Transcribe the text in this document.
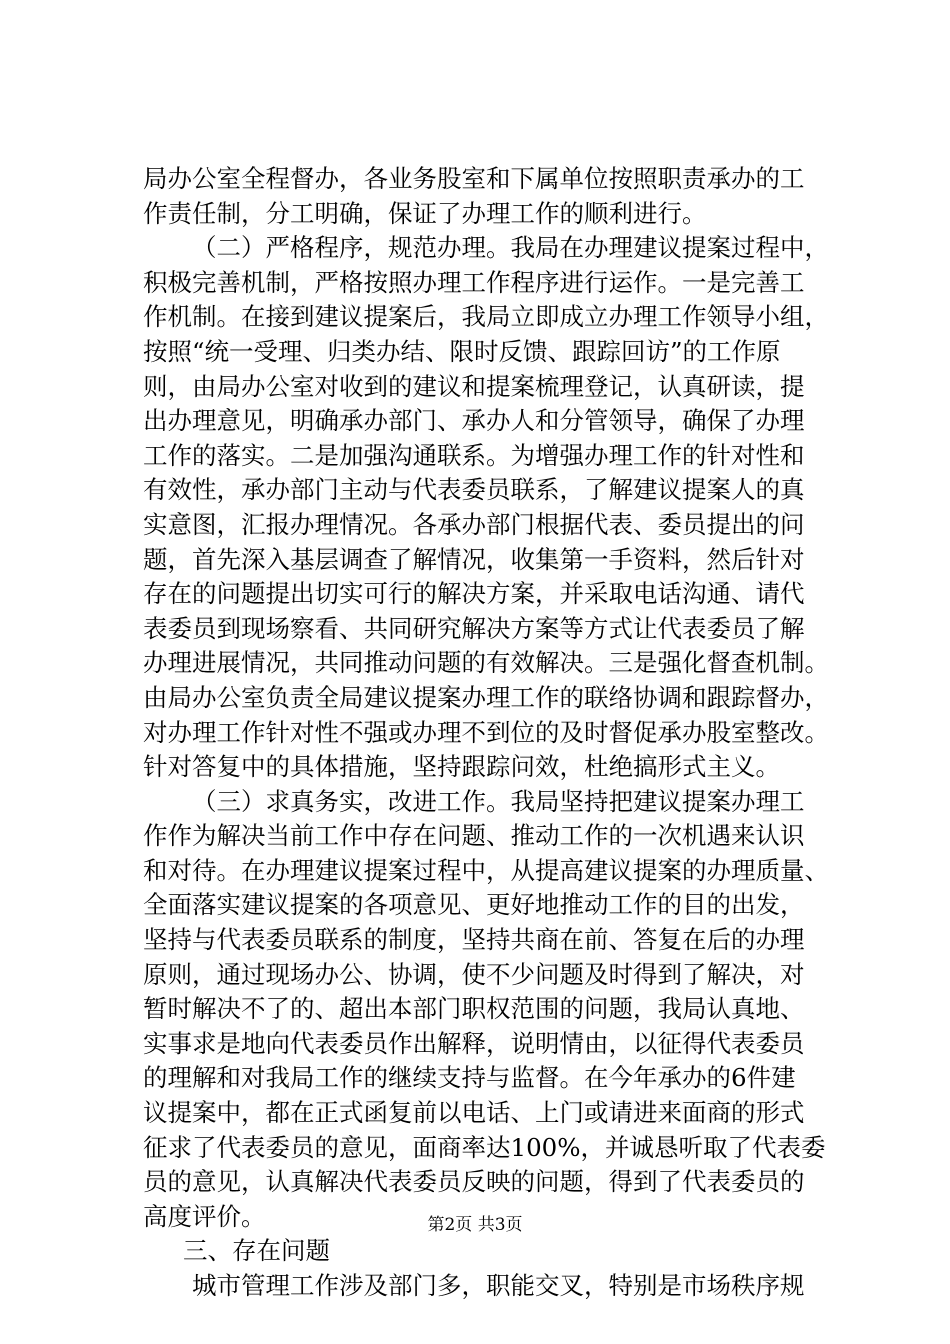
局办公室全程督办，各业务股室和下属单位按照职责承办的工
作责任制，分工明确，保证了办理工作的顺利进行。
（二）严格程序，规范办理。我局在办理建议提案过程中，
积极完善机制，严格按照办理工作程序进行运作。一是完善工
作机制。在接到建议提案后，我局立即成立办理工作领导小组，
按照“统一受理、归类办结、限时反馈、跟踪回访”的工作原
则，由局办公室对收到的建议和提案梳理登记，认真研读，提
出办理意见，明确承办部门、承办人和分管领导，确保了办理
工作的落实。二是加强沟通联系。为增强办理工作的针对性和
有效性，承办部门主动与代表委员联系，了解建议提案人的真
实意图，汇报办理情况。各承办部门根据代表、委员提出的问
题，首先深入基层调查了解情况，收集第一手资料，然后针对
存在的问题提出切实可行的解决方案，并采取电话沟通、请代
表委员到现场察看、共同研究解决方案等方式让代表委员了解
办理进展情况，共同推动问题的有效解决。三是强化督查机制。
由局办公室负责全局建议提案办理工作的联络协调和跟踪督办，
对办理工作针对性不强或办理不到位的及时督促承办股室整改。
针对答复中的具体措施，坚持跟踪问效，杜绝搞形式主义。
（三）求真务实，改进工作。我局坚持把建议提案办理工
作作为解决当前工作中存在问题、推动工作的一次机遇来认识
和对待。在办理建议提案过程中，从提高建议提案的办理质量、
全面落实建议提案的各项意见、更好地推动工作的目的出发，
坚持与代表委员联系的制度，坚持共商在前、答复在后的办理
原则，通过现场办公、协调，使不少问题及时得到了解决，对
暂时解决不了的、超出本部门职权范围的问题，我局认真地、
实事求是地向代表委员作出解释，说明情由，以征得代表委员
的理解和对我局工作的继续支持与监督。在今年承办的6件建
议提案中，都在正式函复前以电话、上门或请进来面商的形式
征求了代表委员的意见，面商率达100%，并诚恳听取了代表委
员的意见，认真解决代表委员反映的问题，得到了代表委员的
高度评价。
三、存在问题
城市管理工作涉及部门多，职能交叉，特别是市场秩序规
第2页 共3页
